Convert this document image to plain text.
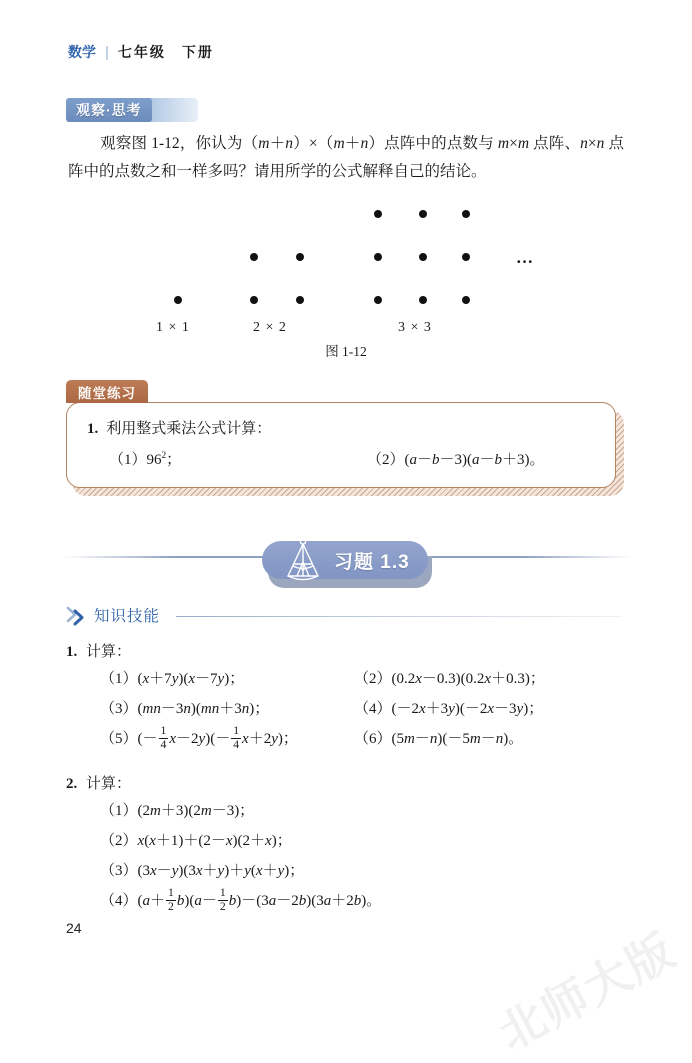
北师大版
数学 | 七年级　下册
观察·思考
观察图 1-12，你认为（m＋n）×（m＋n）点阵中的点数与 m×m 点阵、n×n 点阵中的点数之和一样多吗？请用所学的公式解释自己的结论。
…
1 × 1	2 × 2	3 × 3
图 1-12
随堂练习
1. 利用整式乘法公式计算：
$(1)96^2$；	（2）(a－b－3)(a－b＋3)。
习题 1.3
知识技能
1. 计算：
（1）(x＋7y)(x－7y)；	（2）(0.2x－0.3)(0.2x＋0.3)；
（3）(mn－3n)(mn＋3n)；	（4）(－2x＋3y)(－2x－3y)；
$(5)(- \frac{1}{4} x-2y)(- \frac{1}{4} x+2y)$；	（6）(5m－n)(－5m－n)。
2. 计算：
（1）(2m＋3)(2m－3)；
（2）x(x＋1)＋(2－x)(2＋x)；
（3）(3x－y)(3x＋y)＋y(x＋y)；
$(4)(a+ \frac{1}{2} b)(a- \frac{1}{2} b)-(3a-2b)(3a+2b)$。
24
